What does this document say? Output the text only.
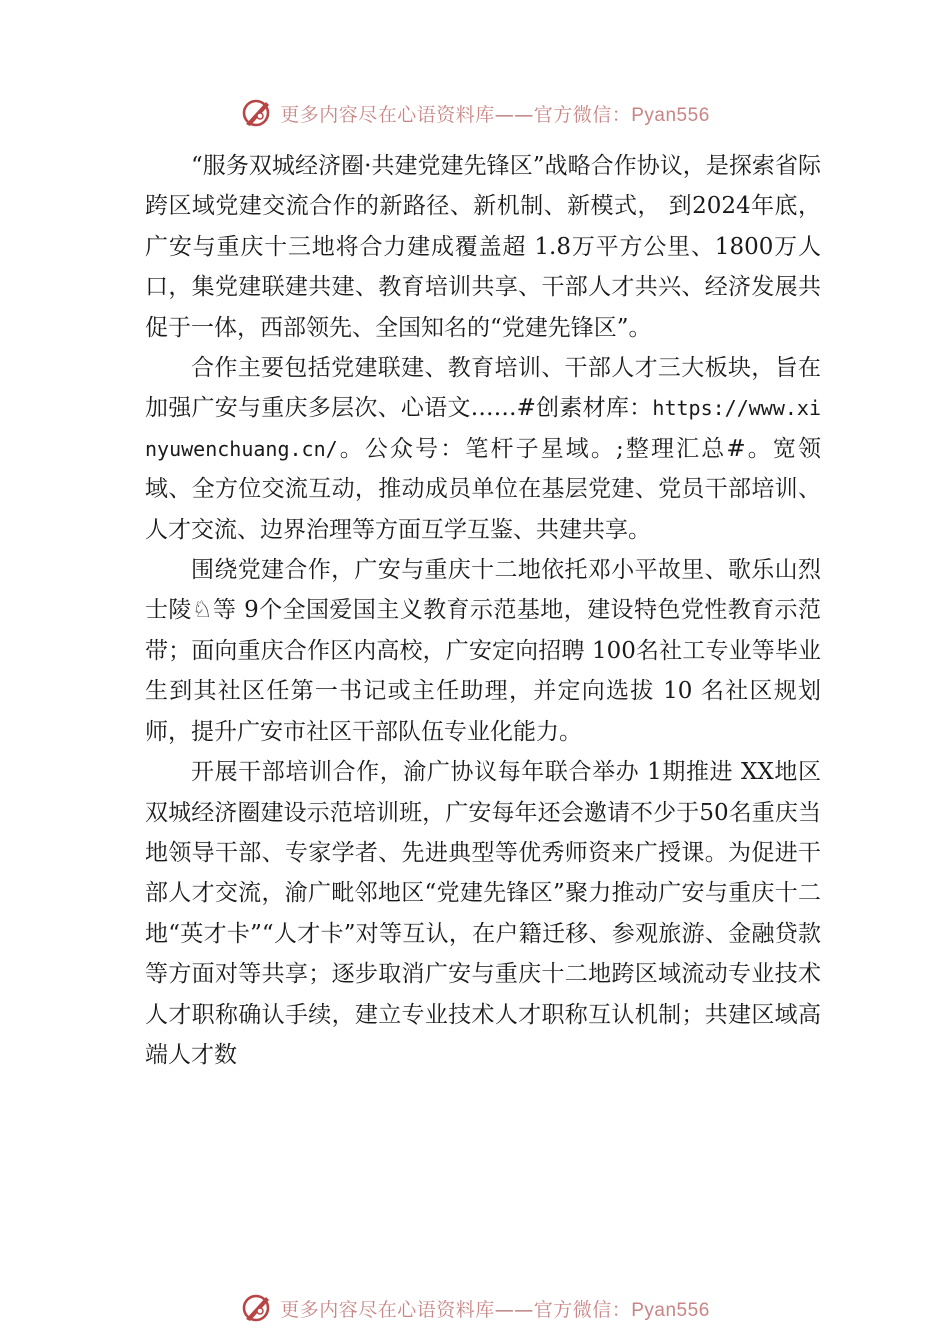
更多内容尽在心语资料库——官方微信：Pyan556

“服务双城经济圈·共建党建先锋区”战略合作协议，是探索省际跨区域党建交流合作的新路径、新机制、新模式， 到2024年底，广安与重庆十三地将合力建成覆盖超 1.8万平方公里、1800万人口，集党建联建共建、教育培训共享、干部人才共兴、经济发展共促于一体，西部领先、全国知名的“党建先锋区”。

合作主要包括党建联建、教育培训、干部人才三大板块，旨在加强广安与重庆多层次、心语文……#创素材库：https://www.xinyuwenchuang.cn/。公众号：笔杆子星域。;整理汇总#。宽领域、全方位交流互动，推动成员单位在基层党建、党员干部培训、人才交流、边界治理等方面互学互鉴、共建共享。

围绕党建合作，广安与重庆十二地依托邓小平故里、歌乐山烈士陵♘等 9个全国爱国主义教育示范基地，建设特色党性教育示范带；面向重庆合作区内高校，广安定向招聘 100名社工专业等毕业生到其社区任第一书记或主任助理，并定向选拔 10 名社区规划师，提升广安市社区干部队伍专业化能力。

开展干部培训合作，渝广协议每年联合举办 1期推进 XX地区双城经济圈建设示范培训班，广安每年还会邀请不少于50名重庆当地领导干部、专家学者、先进典型等优秀师资来广授课。为促进干部人才交流，渝广毗邻地区“党建先锋区”聚力推动广安与重庆十二地“英才卡”“人才卡”对等互认，在户籍迁移、参观旅游、金融贷款等方面对等共享；逐步取消广安与重庆十二地跨区域流动专业技术人才职称确认手续，建立专业技术人才职称互认机制；共建区域高端人才数

更多内容尽在心语资料库——官方微信：Pyan556
